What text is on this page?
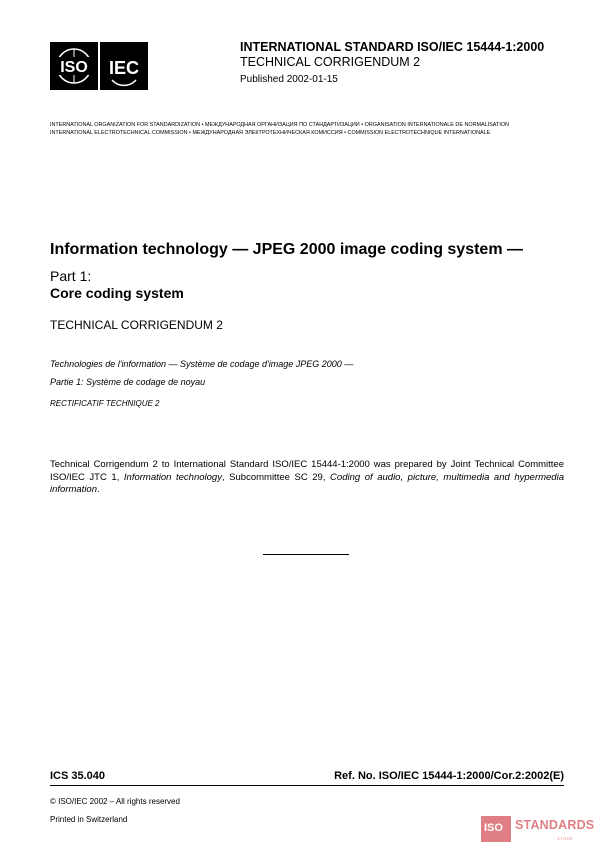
ISO IEC
INTERNATIONAL STANDARD ISO/IEC 15444-1:2000
TECHNICAL CORRIGENDUM 2
Published 2002-01-15
INTERNATIONAL ORGANIZATION FOR STANDARDIZATION • МЕЖДУНАРОДНАЯ ОРГАНИЗАЦИЯ ПО СТАНДАРТИЗАЦИИ • ORGANISATION INTERNATIONALE DE NORMALISATION
INTERNATIONAL ELECTROTECHNICAL COMMISSION • МЕЖДУНАРОДНАЯ ЭЛЕКТРОТЕХНИЧЕСКАЯ КОМИССИЯ • COMMISSION ELECTROTECHNIQUE INTERNATIONALE
Information technology — JPEG 2000 image coding system —
Part 1:
Core coding system
TECHNICAL CORRIGENDUM 2
Technologies de l'information — Système de codage d'image JPEG 2000 —
Partie 1: Système de codage de noyau
RECTIFICATIF TECHNIQUE 2
Technical Corrigendum 2 to International Standard ISO/IEC 15444-1:2000 was prepared by Joint Technical Committee ISO/IEC JTC 1, Information technology, Subcommittee SC 29, Coding of audio, picture, multimedia and hypermedia information.
ICS 35.040	Ref. No. ISO/IEC 15444-1:2000/Cor.2:2002(E)
© ISO/IEC 2002 – All rights reserved
Printed in Switzerland
ISO STANDARDS
STORE
